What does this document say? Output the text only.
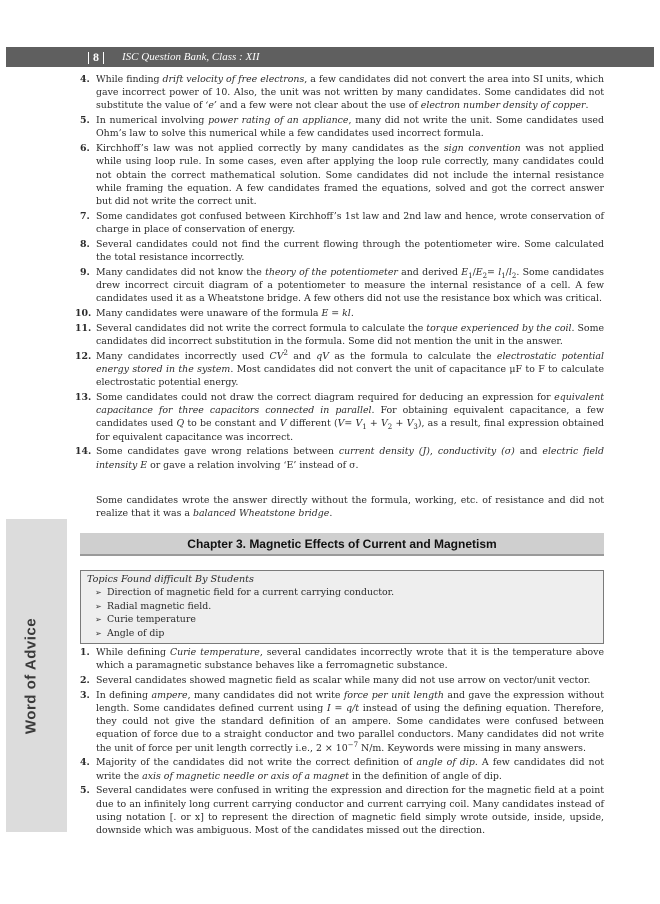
8	ISC Question Bank, Class : XII
4. While finding drift velocity of free electrons, a few candidates did not convert the area into SI units, which gave incorrect power of 10. Also, the unit was not written by many candidates. Some candidates did not substitute the value of ‘e’ and a few were not clear about the use of electron number density of copper.
5. In numerical involving power rating of an appliance, many did not write the unit. Some candidates used Ohm’s law to solve this numerical while a few candidates used incorrect formula.
6. Kirchhoff’s law was not applied correctly by many candidates as the sign convention was not applied while using loop rule. In some cases, even after applying the loop rule correctly, many candidates could not obtain the correct mathematical solution. Some candidates did not include the internal resistance while framing the equation. A few candidates framed the equations, solved and got the correct answer but did not write the correct unit.
7. Some candidates got confused between Kirchhoff’s 1st law and 2nd law and hence, wrote conservation of charge in place of conservation of energy.
8. Several candidates could not find the current flowing through the potentiometer wire. Some calculated the total resistance incorrectly.
9. Many candidates did not know the theory of the potentiometer and derived $E_1/E_2= l_1/l_2$. Some candidates drew incorrect circuit diagram of a potentiometer to measure the internal resistance of a cell. A few candidates used it as a Wheatstone bridge. A few others did not use the resistance box which was critical.
10. Many candidates were unaware of the formula E = kl.
11. Several candidates did not write the correct formula to calculate the torque experienced by the coil. Some candidates did incorrect substitution in the formula. Some did not mention the unit in the answer.
12. Many candidates incorrectly used $CV^2$ and qV as the formula to calculate the electrostatic potential energy stored in the system. Most candidates did not convert the unit of capacitance μF to F to calculate electrostatic potential energy.
13. Some candidates could not draw the correct diagram required for deducing an expression for equivalent capacitance for three capacitors connected in parallel. For obtaining equivalent capacitance, a few candidates used Q to be constant and V different $(V= V_1 + V_2 + V_3)$, as a result, final expression obtained for equivalent capacitance was incorrect.
14. Some candidates gave wrong relations between current density (J), conductivity (σ) and electric field intensity E or gave a relation involving ‘E’ instead of σ.
Some candidates wrote the answer directly without the formula, working, etc. of resistance and did not realize that it was a balanced Wheatstone bridge.
Word of Advice
Chapter 3. Magnetic Effects of Current and Magnetism
Topics Found difficult By Students
➢ Direction of magnetic field for a current carrying conductor.
➢ Radial magnetic field.
➢ Curie temperature
➢ Angle of dip
1. While defining Curie temperature, several candidates incorrectly wrote that it is the temperature above which a paramagnetic substance behaves like a ferromagnetic substance.
2. Several candidates showed magnetic field as scalar while many did not use arrow on vector/unit vector.
3. In defining ampere, many candidates did not write force per unit length and gave the expression without length. Some candidates defined current using I = q/t instead of using the defining equation. Therefore, they could not give the standard definition of an ampere. Some candidates were confused between equation of force due to a straight conductor and two parallel conductors. Many candidates did not write the unit of force per unit length correctly i.e., $2 \times 10^{-7}$ N/m. Keywords were missing in many answers.
4. Majority of the candidates did not write the correct definition of angle of dip. A few candidates did not write the axis of magnetic needle or axis of a magnet in the definition of angle of dip.
5. Several candidates were confused in writing the expression and direction for the magnetic field at a point due to an infinitely long current carrying conductor and current carrying coil. Many candidates instead of using notation [. or x] to represent the direction of magnetic field simply wrote outside, inside, upside, downside which was ambiguous. Most of the candidates missed out the direction.
